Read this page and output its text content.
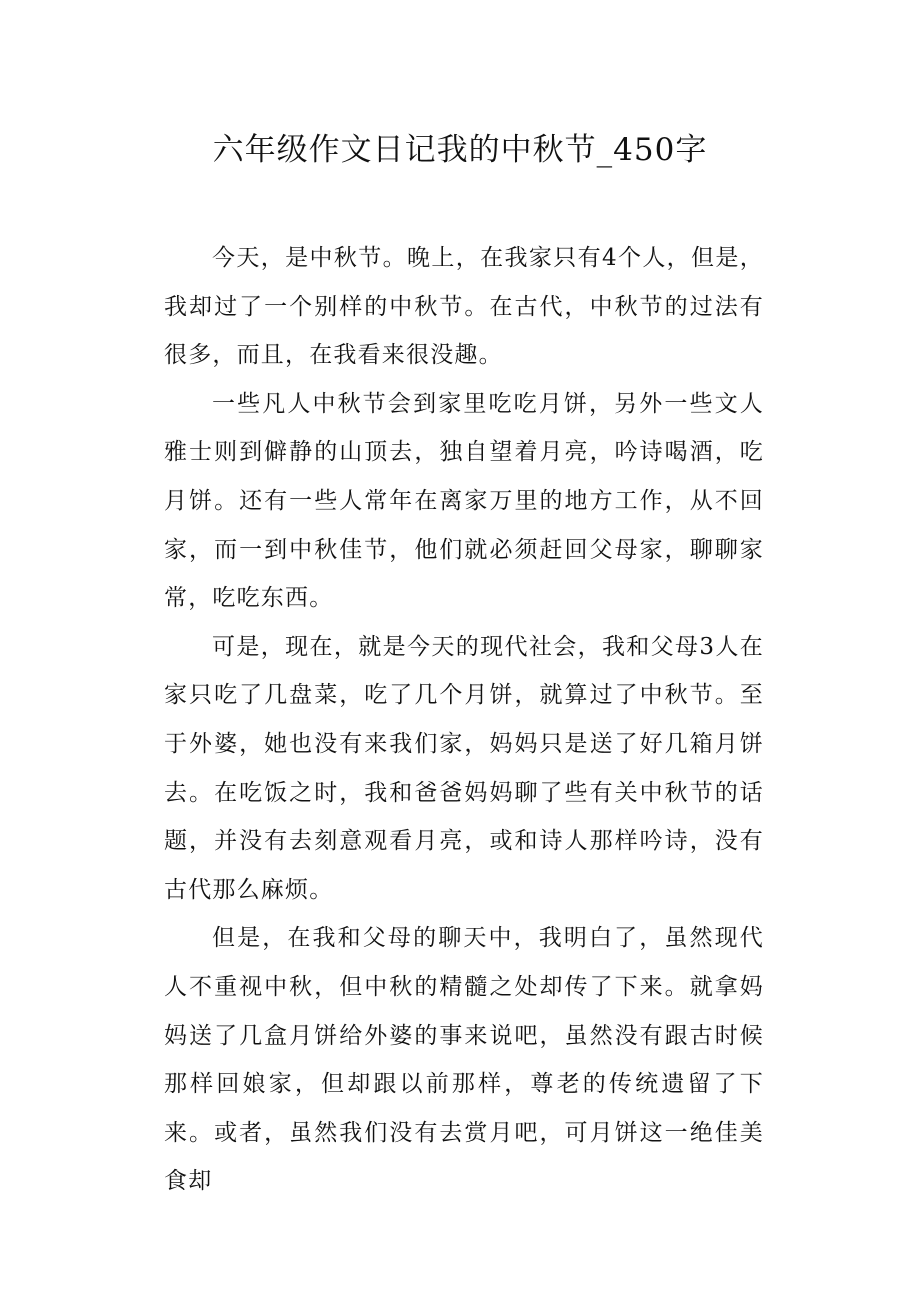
六年级作文日记我的中秋节_450字

今天，是中秋节。晚上，在我家只有4个人，但是，我却过了一个别样的中秋节。在古代，中秋节的过法有很多，而且，在我看来很没趣。

一些凡人中秋节会到家里吃吃月饼，另外一些文人雅士则到僻静的山顶去，独自望着月亮，吟诗喝酒，吃月饼。还有一些人常年在离家万里的地方工作，从不回家，而一到中秋佳节，他们就必须赶回父母家，聊聊家常，吃吃东西。

可是，现在，就是今天的现代社会，我和父母3人在家只吃了几盘菜，吃了几个月饼，就算过了中秋节。至于外婆，她也没有来我们家，妈妈只是送了好几箱月饼去。在吃饭之时，我和爸爸妈妈聊了些有关中秋节的话题，并没有去刻意观看月亮，或和诗人那样吟诗，没有古代那么麻烦。

但是，在我和父母的聊天中，我明白了，虽然现代人不重视中秋，但中秋的精髓之处却传了下来。就拿妈妈送了几盒月饼给外婆的事来说吧，虽然没有跟古时候那样回娘家，但却跟以前那样，尊老的传统遗留了下来。或者，虽然我们没有去赏月吧，可月饼这一绝佳美食却
